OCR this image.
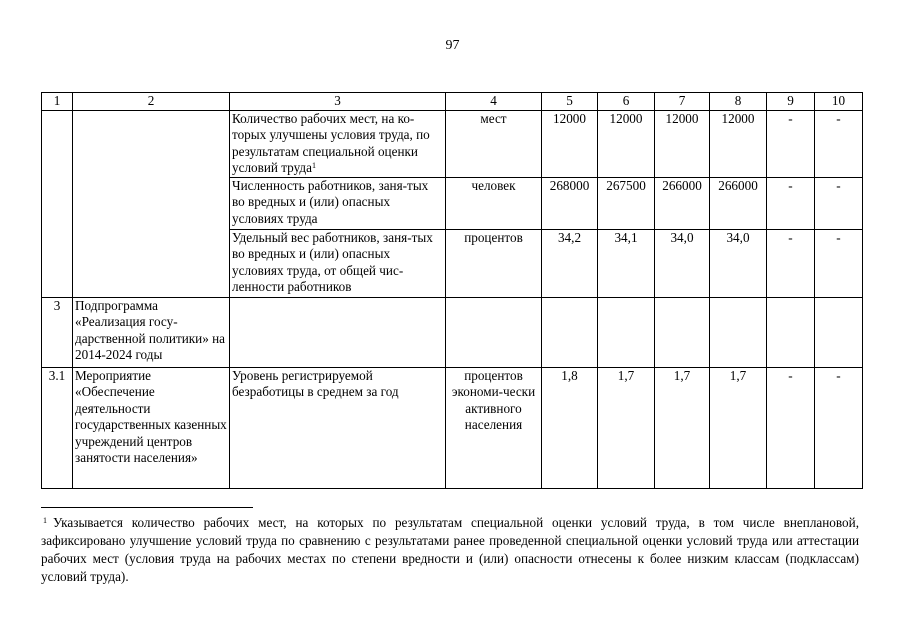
97
1	2	3	4	5	6	7	8	9	10
		Количество рабочих мест, на ко-торых улучшены условия труда, по результатам специальной оценки условий труда$^1$	мест	12000	12000	12000	12000	-	-
		Численность работников, заня-тых во вредных и (или) опасных условиях труда	человек	268000	267500	266000	266000	-	-
		Удельный вес работников, заня-тых во вредных и (или) опасных условиях труда, от общей чис-ленности работников	процентов	34,2	34,1	34,0	34,0	-	-
3	Подпрограмма «Реализация госу-дарственной политики» на 2014-2024 годы								
3.1	Мероприятие «Обеспечение деятельности государственных казенных учреждений центров занятости населения»	Уровень регистрируемой безработицы в среднем за год	процентов экономи-чески активного населения	1,8	1,7	1,7	1,7	-	-
$^1$ Указывается количество рабочих мест, на которых по результатам специальной оценки условий труда, в том числе внеплановой, зафиксировано улучшение условий труда по сравнению с результатами ранее проведенной специальной оценки условий труда или аттестации рабочих мест (условия труда на рабочих местах по степени вредности и (или) опасности отнесены к более низким классам (подклассам) условий труда).
